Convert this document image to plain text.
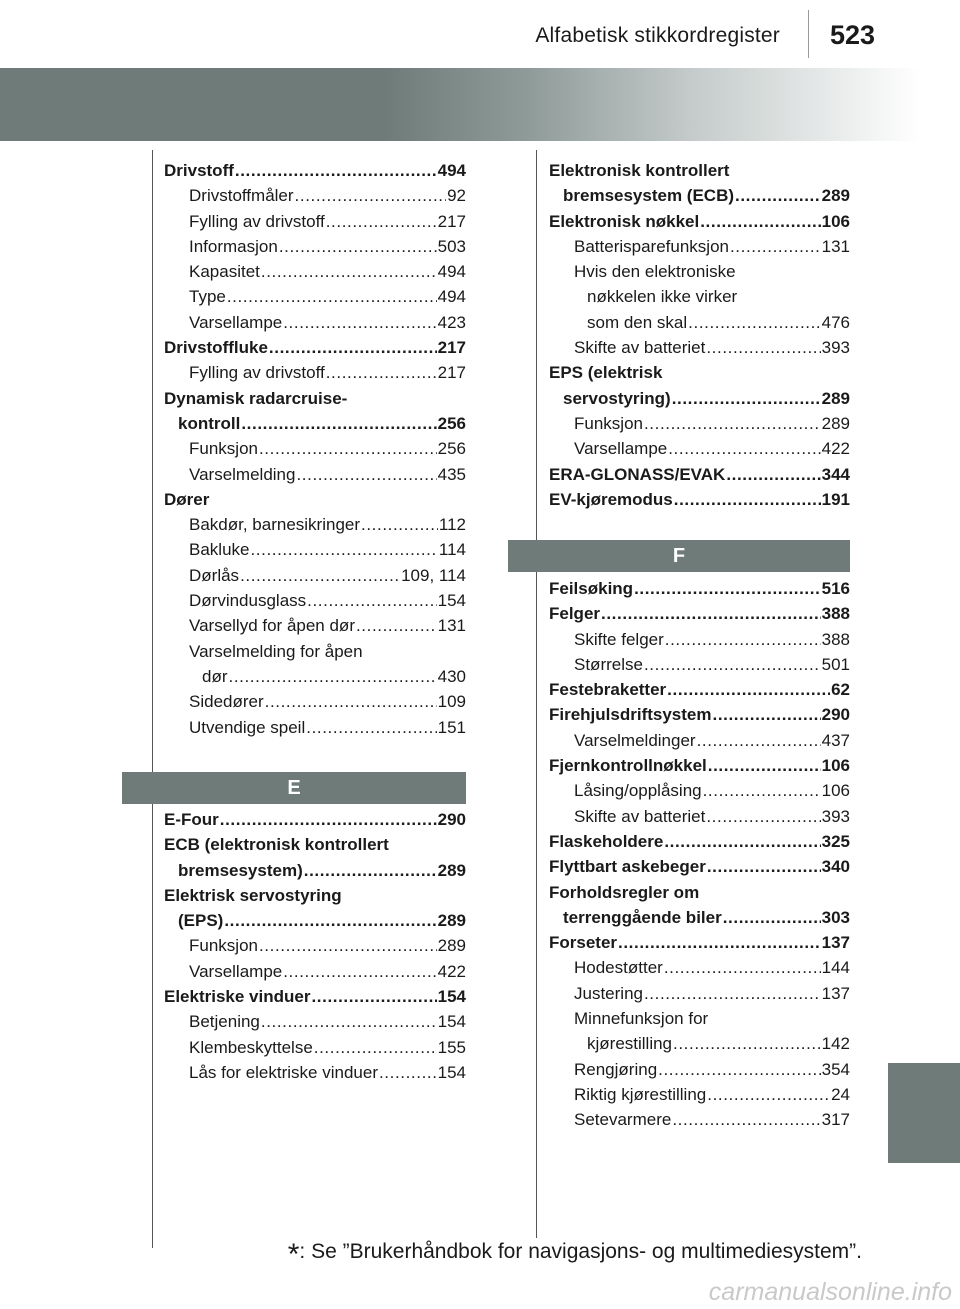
Alfabetisk stikkordregister 523
Drivstoff .....	494
Drivstoffmåler .....	92
Fylling av drivstoff .....	217
Informasjon .....	503
Kapasitet .....	494
Type .....	494
Varsellampe .....	423
Drivstoffluke .....	217
Fylling av drivstoff .....	217
Dynamisk radarcruise-
kontroll .....	256
Funksjon .....	256
Varselmelding .....	435
Dører
Bakdør, barnesikringer .....	112
Bakluke .....	114
Dørlås .....	109, 114
Dørvindusglass .....	154
Varsellyd for åpen dør .....	131
Varselmelding for åpen
dør .....	430
Sidedører .....	109
Utvendige speil .....	151
E
E-Four .....	290
ECB (elektronisk kontrollert
bremsesystem) .....	289
Elektrisk servostyring
(EPS) .....	289
Funksjon .....	289
Varsellampe .....	422
Elektriske vinduer .....	154
Betjening .....	154
Klembeskyttelse .....	155
Lås for elektriske vinduer .....	154
Elektronisk kontrollert
bremsesystem (ECB) .....	289
Elektronisk nøkkel .....	106
Batterisparefunksjon .....	131
Hvis den elektroniske
nøkkelen ikke virker
som den skal .....	476
Skifte av batteriet .....	393
EPS (elektrisk
servostyring) .....	289
Funksjon .....	289
Varsellampe .....	422
ERA-GLONASS/EVAK .....	344
EV-kjøremodus .....	191
F
Feilsøking .....	516
Felger .....	388
Skifte felger .....	388
Størrelse .....	501
Festebraketter .....	62
Firehjulsdriftsystem .....	290
Varselmeldinger .....	437
Fjernkontrollnøkkel .....	106
Låsing/opplåsing .....	106
Skifte av batteriet .....	393
Flaskeholdere .....	325
Flyttbart askebeger .....	340
Forholdsregler om
terrenggående biler .....	303
Forseter .....	137
Hodestøtter .....	144
Justering .....	137
Minnefunksjon for
kjørestilling .....	142
Rengjøring .....	354
Riktig kjørestilling .....	24
Setevarmere .....	317
*: Se ”Brukerhåndbok for navigasjons- og multimediesystem”.
carmanualsonline.info
